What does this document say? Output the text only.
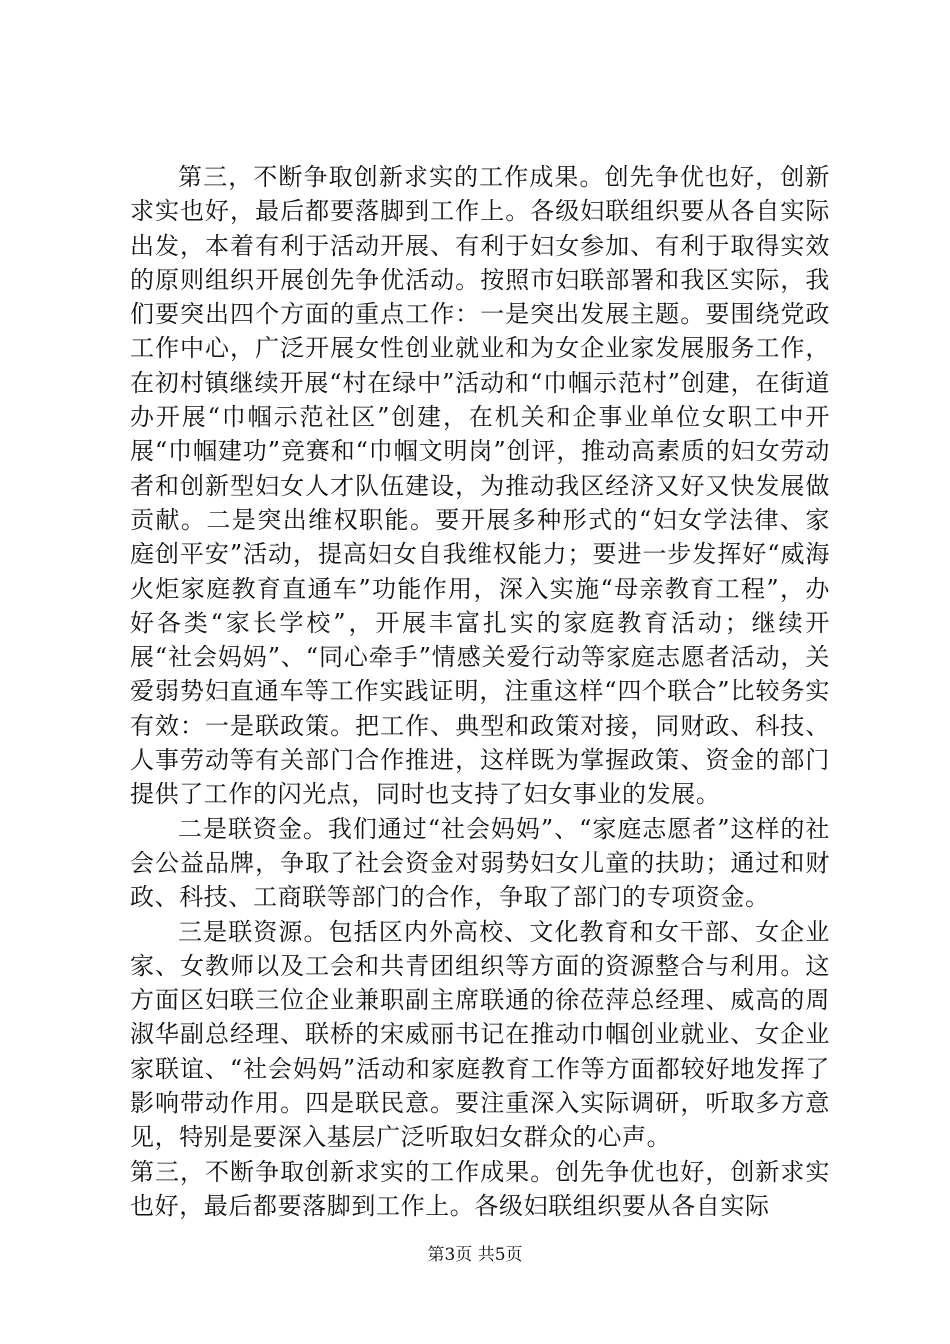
第三，不断争取创新求实的工作成果。创先争优也好，创新求实也好，最后都要落脚到工作上。各级妇联组织要从各自实际出发，本着有利于活动开展、有利于妇女参加、有利于取得实效的原则组织开展创先争优活动。按照市妇联部署和我区实际，我们要突出四个方面的重点工作：一是突出发展主题。要围绕党政工作中心，广泛开展女性创业就业和为女企业家发展服务工作，在初村镇继续开展“村在绿中”活动和“巾帼示范村”创建，在街道办开展“巾帼示范社区”创建，在机关和企事业单位女职工中开展“巾帼建功”竞赛和“巾帼文明岗”创评，推动高素质的妇女劳动者和创新型妇女人才队伍建设，为推动我区经济又好又快发展做贡献。二是突出维权职能。要开展多种形式的“妇女学法律、家庭创平安”活动，提高妇女自我维权能力；要进一步发挥好“威海火炬家庭教育直通车”功能作用，深入实施“母亲教育工程”，办好各类“家长学校”，开展丰富扎实的家庭教育活动；继续开展“社会妈妈”、“同心牵手”情感关爱行动等家庭志愿者活动，关爱弱势妇直通车等工作实践证明，注重这样“四个联合”比较务实有效：一是联政策。把工作、典型和政策对接，同财政、科技、人事劳动等有关部门合作推进，这样既为掌握政策、资金的部门提供了工作的闪光点，同时也支持了妇女事业的发展。

二是联资金。我们通过“社会妈妈”、“家庭志愿者”这样的社会公益品牌，争取了社会资金对弱势妇女儿童的扶助；通过和财政、科技、工商联等部门的合作，争取了部门的专项资金。

三是联资源。包括区内外高校、文化教育和女干部、女企业家、女教师以及工会和共青团组织等方面的资源整合与利用。这方面区妇联三位企业兼职副主席联通的徐莅萍总经理、威高的周淑华副总经理、联桥的宋威丽书记在推动巾帼创业就业、女企业家联谊、“社会妈妈”活动和家庭教育工作等方面都较好地发挥了影响带动作用。四是联民意。要注重深入实际调研，听取多方意见，特别是要深入基层广泛听取妇女群众的心声。

第三，不断争取创新求实的工作成果。创先争优也好，创新求实也好，最后都要落脚到工作上。各级妇联组织要从各自实际

第3页 共5页
